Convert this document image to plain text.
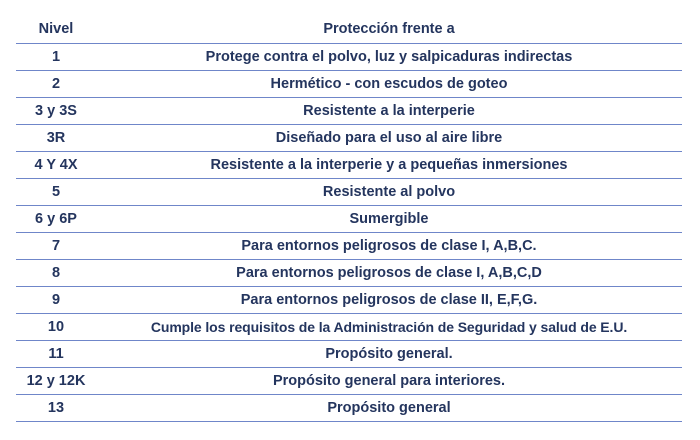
Nivel	Protección frente a
1	Protege contra el polvo, luz y salpicaduras indirectas
2	Hermético - con escudos de goteo
3 y 3S	Resistente a la interperie
3R	Diseñado para el uso al aire libre
4 Y 4X	Resistente a la interperie y a pequeñas inmersiones
5	Resistente al polvo
6 y 6P	Sumergible
7	Para entornos peligrosos de clase I, A,B,C.
8	Para entornos peligrosos de clase I, A,B,C,D
9	Para entornos peligrosos de clase II, E,F,G.
10	Cumple los requisitos de la Administración de Seguridad y salud de E.U.
11	Propósito general.
12 y 12K	Propósito general para interiores.
13	Propósito general
